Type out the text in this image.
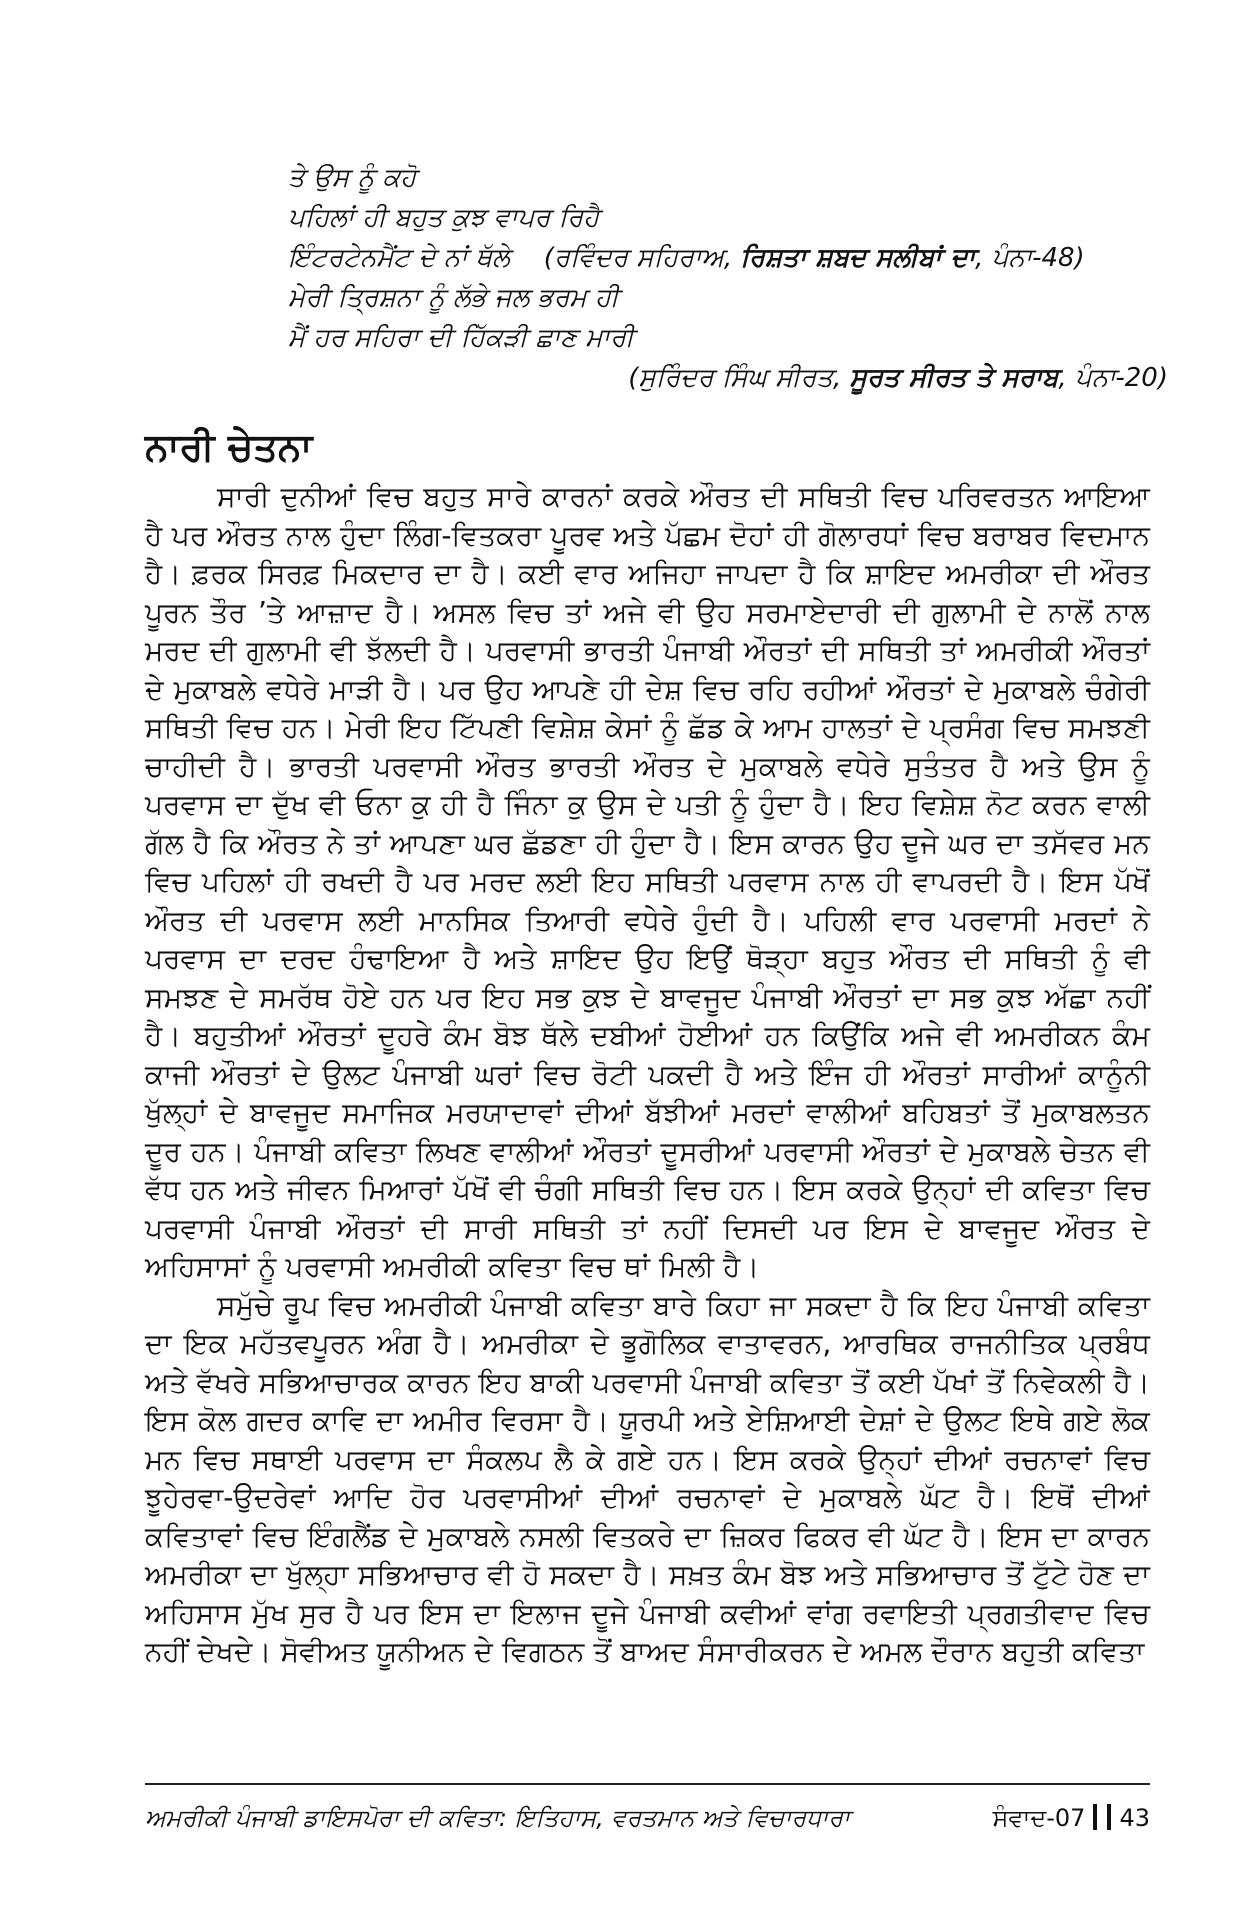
ਤੇ ਉਸ ਨੂੰ ਕਹੋ
ਪਹਿਲਾਂ ਹੀ ਬਹੁਤ ਕੁਝ ਵਾਪਰ ਰਿਹੈ
ਇੰਟਰਟੇਨਮੈਂਟ ਦੇ ਨਾਂ ਥੱਲੇ (ਰਵਿੰਦਰ ਸਹਿਰਾਅ, ਰਿਸ਼ਤਾ ਸ਼ਬਦ ਸਲੀਬਾਂ ਦਾ, ਪੰਨਾ-48)
ਮੇਰੀ ਤ੍ਰਿਸ਼ਨਾ ਨੂੰ ਲੱਭੇ ਜਲ ਭਰਮ ਹੀ
ਮੈਂ ਹਰ ਸਹਿਰਾ ਦੀ ਹਿੱਕੜੀ ਛਾਣ ਮਾਰੀ
(ਸੁਰਿੰਦਰ ਸਿੰਘ ਸੀਰਤ, ਸੂਰਤ ਸੀਰਤ ਤੇ ਸਰਾਬ, ਪੰਨਾ-20)
ਨਾਰੀ ਚੇਤਨਾ

ਸਾਰੀ ਦੁਨੀਆਂ ਵਿਚ ਬਹੁਤ ਸਾਰੇ ਕਾਰਨਾਂ ਕਰਕੇ ਔਰਤ ਦੀ ਸਥਿਤੀ ਵਿਚ ਪਰਿਵਰਤਨ ਆਇਆ ਹੈ ਪਰ ਔਰਤ ਨਾਲ ਹੁੰਦਾ ਲਿੰਗ-ਵਿਤਕਰਾ ਪੂਰਵ ਅਤੇ ਪੱਛਮ ਦੋਹਾਂ ਹੀ ਗੋਲਾਰਧਾਂ ਵਿਚ ਬਰਾਬਰ ਵਿਦਮਾਨ ਹੈ। ਫ਼ਰਕ ਸਿਰਫ਼ ਮਿਕਦਾਰ ਦਾ ਹੈ। ਕਈ ਵਾਰ ਅਜਿਹਾ ਜਾਪਦਾ ਹੈ ਕਿ ਸ਼ਾਇਦ ਅਮਰੀਕਾ ਦੀ ਔਰਤ ਪੂਰਨ ਤੌਰ ’ਤੇ ਆਜ਼ਾਦ ਹੈ। ਅਸਲ ਵਿਚ ਤਾਂ ਅਜੇ ਵੀ ਉਹ ਸਰਮਾਏਦਾਰੀ ਦੀ ਗੁਲਾਮੀ ਦੇ ਨਾਲੋਂ ਨਾਲ ਮਰਦ ਦੀ ਗੁਲਾਮੀ ਵੀ ਝੱਲਦੀ ਹੈ। ਪਰਵਾਸੀ ਭਾਰਤੀ ਪੰਜਾਬੀ ਔਰਤਾਂ ਦੀ ਸਥਿਤੀ ਤਾਂ ਅਮਰੀਕੀ ਔਰਤਾਂ ਦੇ ਮੁਕਾਬਲੇ ਵਧੇਰੇ ਮਾੜੀ ਹੈ। ਪਰ ਉਹ ਆਪਣੇ ਹੀ ਦੇਸ਼ ਵਿਚ ਰਹਿ ਰਹੀਆਂ ਔਰਤਾਂ ਦੇ ਮੁਕਾਬਲੇ ਚੰਗੇਰੀ ਸਥਿਤੀ ਵਿਚ ਹਨ। ਮੇਰੀ ਇਹ ਟਿੱਪਣੀ ਵਿਸ਼ੇਸ਼ ਕੇਸਾਂ ਨੂੰ ਛੱਡ ਕੇ ਆਮ ਹਾਲਤਾਂ ਦੇ ਪ੍ਰਸੰਗ ਵਿਚ ਸਮਝਣੀ ਚਾਹੀਦੀ ਹੈ। ਭਾਰਤੀ ਪਰਵਾਸੀ ਔਰਤ ਭਾਰਤੀ ਔਰਤ ਦੇ ਮੁਕਾਬਲੇ ਵਧੇਰੇ ਸੁਤੰਤਰ ਹੈ ਅਤੇ ਉਸ ਨੂੰ ਪਰਵਾਸ ਦਾ ਦੁੱਖ ਵੀ ਓਨਾ ਕੁ ਹੀ ਹੈ ਜਿੰਨਾ ਕੁ ਉਸ ਦੇ ਪਤੀ ਨੂੰ ਹੁੰਦਾ ਹੈ। ਇਹ ਵਿਸ਼ੇਸ਼ ਨੋਟ ਕਰਨ ਵਾਲੀ ਗੱਲ ਹੈ ਕਿ ਔਰਤ ਨੇ ਤਾਂ ਆਪਣਾ ਘਰ ਛੱਡਣਾ ਹੀ ਹੁੰਦਾ ਹੈ। ਇਸ ਕਾਰਨ ਉਹ ਦੂਜੇ ਘਰ ਦਾ ਤਸੱਵਰ ਮਨ ਵਿਚ ਪਹਿਲਾਂ ਹੀ ਰਖਦੀ ਹੈ ਪਰ ਮਰਦ ਲਈ ਇਹ ਸਥਿਤੀ ਪਰਵਾਸ ਨਾਲ ਹੀ ਵਾਪਰਦੀ ਹੈ। ਇਸ ਪੱਖੋਂ ਔਰਤ ਦੀ ਪਰਵਾਸ ਲਈ ਮਾਨਸਿਕ ਤਿਆਰੀ ਵਧੇਰੇ ਹੁੰਦੀ ਹੈ। ਪਹਿਲੀ ਵਾਰ ਪਰਵਾਸੀ ਮਰਦਾਂ ਨੇ ਪਰਵਾਸ ਦਾ ਦਰਦ ਹੰਢਾਇਆ ਹੈ ਅਤੇ ਸ਼ਾਇਦ ਉਹ ਇਉਂ ਥੋੜ੍ਹਾ ਬਹੁਤ ਔਰਤ ਦੀ ਸਥਿਤੀ ਨੂੰ ਵੀ ਸਮਝਣ ਦੇ ਸਮਰੱਥ ਹੋਏ ਹਨ ਪਰ ਇਹ ਸਭ ਕੁਝ ਦੇ ਬਾਵਜੂਦ ਪੰਜਾਬੀ ਔਰਤਾਂ ਦਾ ਸਭ ਕੁਝ ਅੱਛਾ ਨਹੀਂ ਹੈ। ਬਹੁਤੀਆਂ ਔਰਤਾਂ ਦੂਹਰੇ ਕੰਮ ਬੋਝ ਥੱਲੇ ਦਬੀਆਂ ਹੋਈਆਂ ਹਨ ਕਿਉਂਕਿ ਅਜੇ ਵੀ ਅਮਰੀਕਨ ਕੰਮ ਕਾਜੀ ਔਰਤਾਂ ਦੇ ਉਲਟ ਪੰਜਾਬੀ ਘਰਾਂ ਵਿਚ ਰੋਟੀ ਪਕਦੀ ਹੈ ਅਤੇ ਇੰਜ ਹੀ ਔਰਤਾਂ ਸਾਰੀਆਂ ਕਾਨੂੰਨੀ ਖੁੱਲ੍ਹਾਂ ਦੇ ਬਾਵਜੂਦ ਸਮਾਜਿਕ ਮਰਯਾਦਾਵਾਂ ਦੀਆਂ ਬੱਝੀਆਂ ਮਰਦਾਂ ਵਾਲੀਆਂ ਬਹਿਬਤਾਂ ਤੋਂ ਮੁਕਾਬਲਤਨ ਦੂਰ ਹਨ। ਪੰਜਾਬੀ ਕਵਿਤਾ ਲਿਖਣ ਵਾਲੀਆਂ ਔਰਤਾਂ ਦੂਸਰੀਆਂ ਪਰਵਾਸੀ ਔਰਤਾਂ ਦੇ ਮੁਕਾਬਲੇ ਚੇਤਨ ਵੀ ਵੱਧ ਹਨ ਅਤੇ ਜੀਵਨ ਮਿਆਰਾਂ ਪੱਖੋਂ ਵੀ ਚੰਗੀ ਸਥਿਤੀ ਵਿਚ ਹਨ। ਇਸ ਕਰਕੇ ਉਨ੍ਹਾਂ ਦੀ ਕਵਿਤਾ ਵਿਚ ਪਰਵਾਸੀ ਪੰਜਾਬੀ ਔਰਤਾਂ ਦੀ ਸਾਰੀ ਸਥਿਤੀ ਤਾਂ ਨਹੀਂ ਦਿਸਦੀ ਪਰ ਇਸ ਦੇ ਬਾਵਜੂਦ ਔਰਤ ਦੇ ਅਹਿਸਾਸਾਂ ਨੂੰ ਪਰਵਾਸੀ ਅਮਰੀਕੀ ਕਵਿਤਾ ਵਿਚ ਥਾਂ ਮਿਲੀ ਹੈ।

ਸਮੁੱਚੇ ਰੂਪ ਵਿਚ ਅਮਰੀਕੀ ਪੰਜਾਬੀ ਕਵਿਤਾ ਬਾਰੇ ਕਿਹਾ ਜਾ ਸਕਦਾ ਹੈ ਕਿ ਇਹ ਪੰਜਾਬੀ ਕਵਿਤਾ ਦਾ ਇਕ ਮਹੱਤਵਪੂਰਨ ਅੰਗ ਹੈ। ਅਮਰੀਕਾ ਦੇ ਭੂਗੋਲਿਕ ਵਾਤਾਵਰਨ, ਆਰਥਿਕ ਰਾਜਨੀਤਿਕ ਪ੍ਰਬੰਧ ਅਤੇ ਵੱਖਰੇ ਸਭਿਆਚਾਰਕ ਕਾਰਨ ਇਹ ਬਾਕੀ ਪਰਵਾਸੀ ਪੰਜਾਬੀ ਕਵਿਤਾ ਤੋਂ ਕਈ ਪੱਖਾਂ ਤੋਂ ਨਿਵੇਕਲੀ ਹੈ। ਇਸ ਕੋਲ ਗਦਰ ਕਾਵਿ ਦਾ ਅਮੀਰ ਵਿਰਸਾ ਹੈ। ਯੂਰਪੀ ਅਤੇ ਏਸ਼ਿਆਈ ਦੇਸ਼ਾਂ ਦੇ ਉਲਟ ਇਥੇ ਗਏ ਲੋਕ ਮਨ ਵਿਚ ਸਥਾਈ ਪਰਵਾਸ ਦਾ ਸੰਕਲਪ ਲੈ ਕੇ ਗਏ ਹਨ। ਇਸ ਕਰਕੇ ਉਨ੍ਹਾਂ ਦੀਆਂ ਰਚਨਾਵਾਂ ਵਿਚ ਝੂਹੇਰਵਾ-ਉਦਰੇਵਾਂ ਆਦਿ ਹੋਰ ਪਰਵਾਸੀਆਂ ਦੀਆਂ ਰਚਨਾਵਾਂ ਦੇ ਮੁਕਾਬਲੇ ਘੱਟ ਹੈ। ਇਥੋਂ ਦੀਆਂ ਕਵਿਤਾਵਾਂ ਵਿਚ ਇੰਗਲੈਂਡ ਦੇ ਮੁਕਾਬਲੇ ਨਸਲੀ ਵਿਤਕਰੇ ਦਾ ਜ਼ਿਕਰ ਫਿਕਰ ਵੀ ਘੱਟ ਹੈ। ਇਸ ਦਾ ਕਾਰਨ ਅਮਰੀਕਾ ਦਾ ਖੁੱਲ੍ਹਾ ਸਭਿਆਚਾਰ ਵੀ ਹੋ ਸਕਦਾ ਹੈ। ਸਖ਼ਤ ਕੰਮ ਬੋਝ ਅਤੇ ਸਭਿਆਚਾਰ ਤੋਂ ਟੁੱਟੇ ਹੋਣ ਦਾ ਅਹਿਸਾਸ ਮੁੱਖ ਸੁਰ ਹੈ ਪਰ ਇਸ ਦਾ ਇਲਾਜ ਦੂਜੇ ਪੰਜਾਬੀ ਕਵੀਆਂ ਵਾਂਗ ਰਵਾਇਤੀ ਪ੍ਰਗਤੀਵਾਦ ਵਿਚ ਨਹੀਂ ਦੇਖਦੇ। ਸੋਵੀਅਤ ਯੂਨੀਅਨ ਦੇ ਵਿਗਠਨ ਤੋਂ ਬਾਅਦ ਸੰਸਾਰੀਕਰਨ ਦੇ ਅਮਲ ਦੌਰਾਨ ਬਹੁਤੀ ਕਵਿਤਾ

ਅਮਰੀਕੀ ਪੰਜਾਬੀ ਡਾਇਸਪੋਰਾ ਦੀ ਕਵਿਤਾ: ਇਤਿਹਾਸ, ਵਰਤਮਾਨ ਅਤੇ ਵਿਚਾਰਧਾਰਾ	ਸੰਵਾਦ-07 43
